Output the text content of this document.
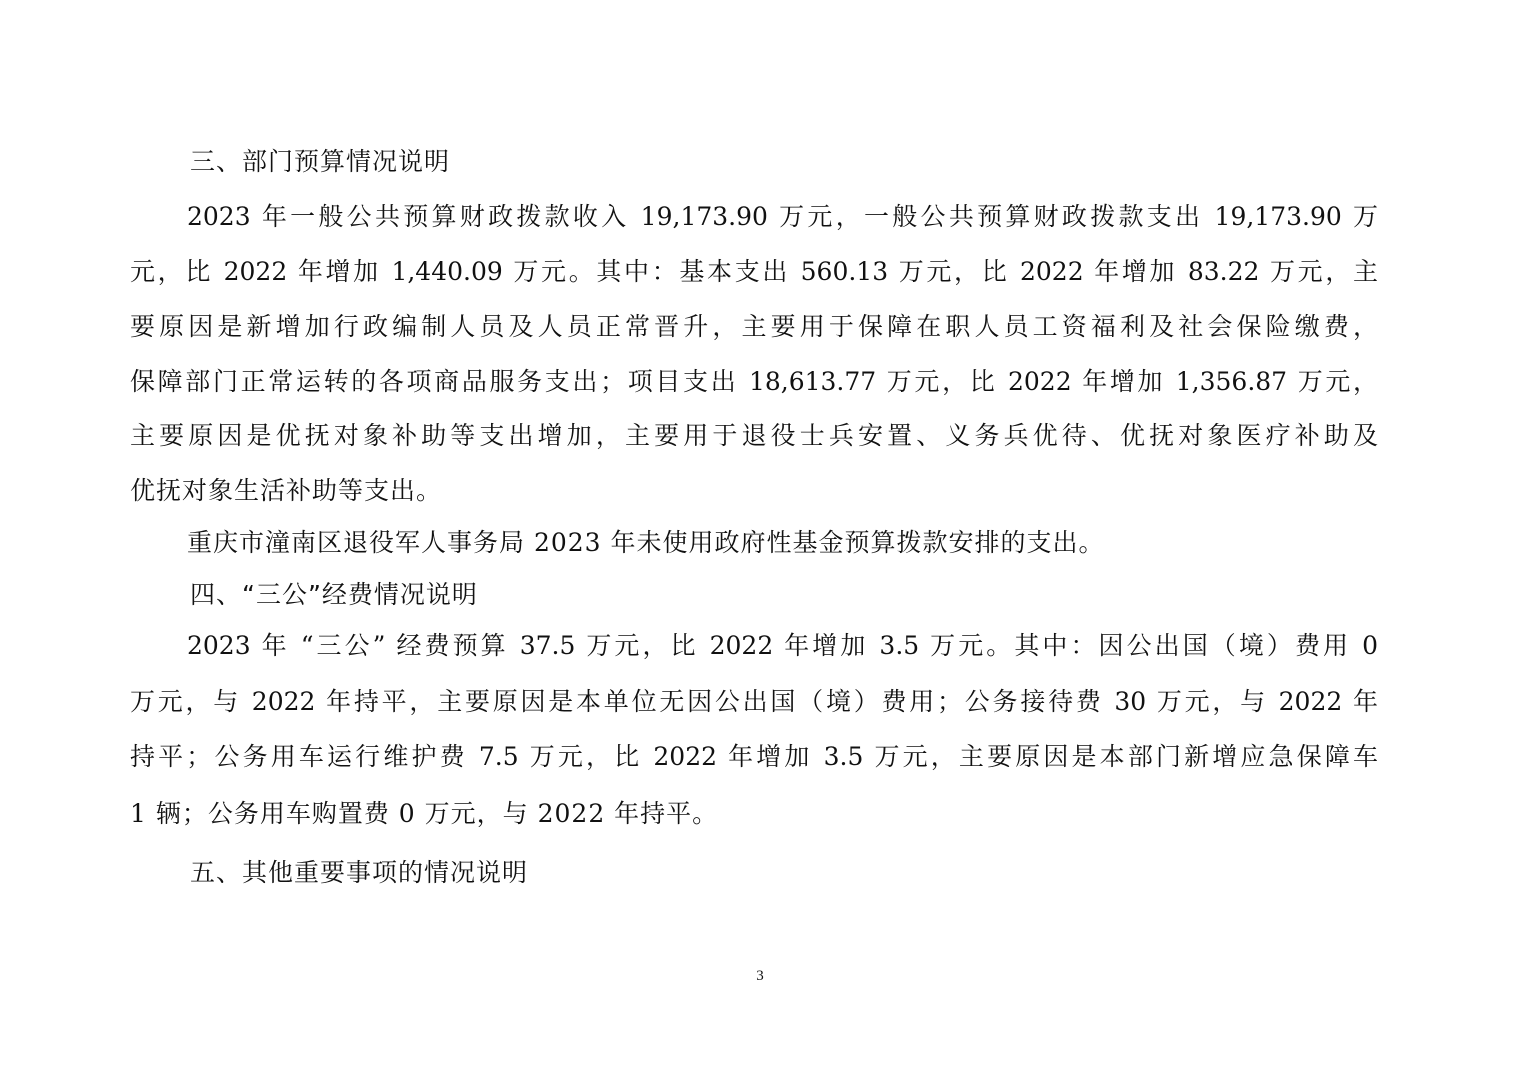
三、部门预算情况说明
2023 年一般公共预算财政拨款收入 19,173.90 万元，一般公共预算财政拨款支出 19,173.90 万
元，比 2022 年增加 1,440.09 万元。其中：基本支出 560.13 万元，比 2022 年增加 83.22 万元，主
要原因是新增加行政编制人员及人员正常晋升，主要用于保障在职人员工资福利及社会保险缴费，
保障部门正常运转的各项商品服务支出；项目支出 18,613.77 万元，比 2022 年增加 1,356.87 万元，
主要原因是优抚对象补助等支出增加，主要用于退役士兵安置、义务兵优待、优抚对象医疗补助及
优抚对象生活补助等支出。
重庆市潼南区退役军人事务局 2023 年未使用政府性基金预算拨款安排的支出。
四、“三公”经费情况说明
2023 年 “三公” 经费预算 37.5 万元，比 2022 年增加 3.5 万元。其中：因公出国（境）费用 0
万元，与 2022 年持平，主要原因是本单位无因公出国（境）费用；公务接待费 30 万元，与 2022 年
持平；公务用车运行维护费 7.5 万元，比 2022 年增加 3.5 万元，主要原因是本部门新增应急保障车
1 辆；公务用车购置费 0 万元，与 2022 年持平。
五、其他重要事项的情况说明
3
